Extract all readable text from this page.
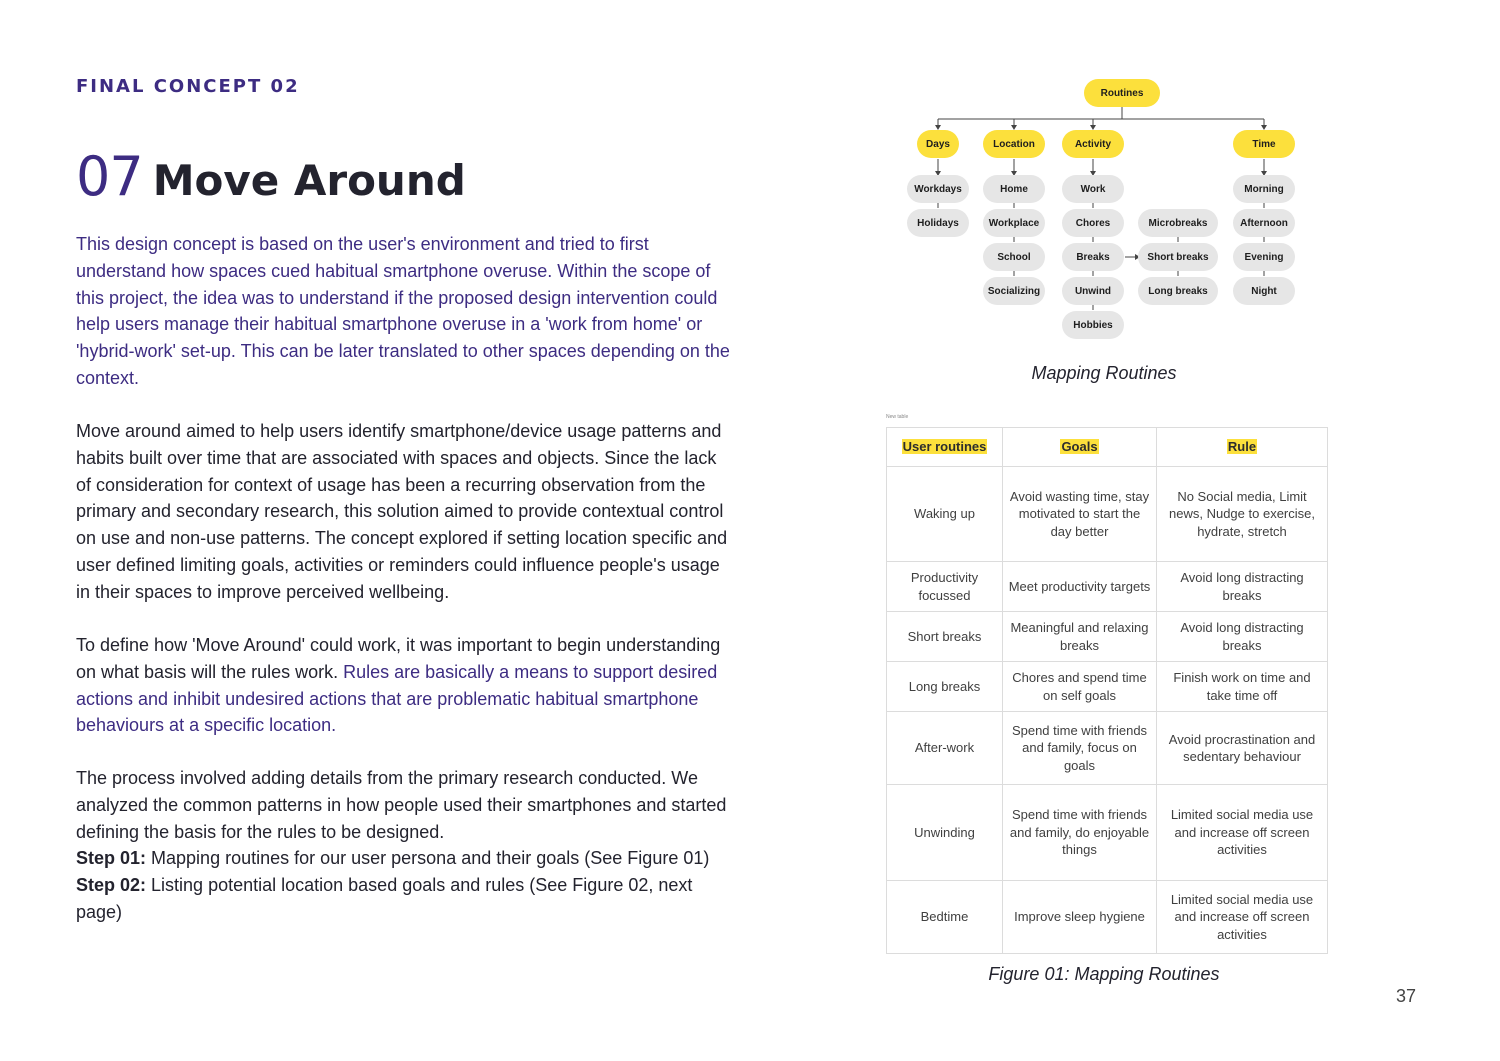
FINAL CONCEPT 02
07 Move Around

This design concept is based on the user's environment and tried to first understand how spaces cued habitual smartphone overuse. Within the scope of this project, the idea was to understand if the proposed design intervention could help users manage their habitual smartphone overuse in a 'work from home' or 'hybrid-work' set-up. This can be later translated to other spaces depending on the context.

Move around aimed to help users identify smartphone/device usage patterns and habits built over time that are associated with spaces and objects. Since the lack of consideration for context of usage has been a recurring observation from the primary and secondary research, this solution aimed to provide contextual control on use and non-use patterns. The concept explored if setting location specific and user defined limiting goals, activities or reminders could influence people's usage in their spaces to improve perceived wellbeing.

To define how 'Move Around' could work, it was important to begin understanding on what basis will the rules work. Rules are basically a means to support desired actions and inhibit undesired actions that are problematic habitual smartphone behaviours at a specific location.

The process involved adding details from the primary research conducted. We analyzed the common patterns in how people used their smartphones and started defining the basis for the rules to be designed.

Step 01: Mapping routines for our user persona and their goals (See Figure 01)

Step 02: Listing potential location based goals and rules (See Figure 02, next page)

Routines
Days	Location	Activity	Time
Workdays
Holidays
Home
Workplace
School
Socializing
Work
Chores
Breaks
Unwind
Hobbies
Microbreaks
Short breaks
Long breaks
Morning
Afternoon
Evening
Night
Mapping Routines
New table
User routines	Goals	Rule
Waking up	Avoid wasting time, stay motivated to start the day better	No Social media, Limit news, Nudge to exercise, hydrate, stretch
Productivity focussed	Meet productivity targets	Avoid long distracting breaks
Short breaks	Meaningful and relaxing breaks	Avoid long distracting breaks
Long breaks	Chores and spend time on self goals	Finish work on time and take time off
After-work	Spend time with friends and family, focus on goals	Avoid procrastination and sedentary behaviour
Unwinding	Spend time with friends and family, do enjoyable things	Limited social media use and increase off screen activities
Bedtime	Improve sleep hygiene	Limited social media use and increase off screen activities
Figure 01: Mapping Routines
37
